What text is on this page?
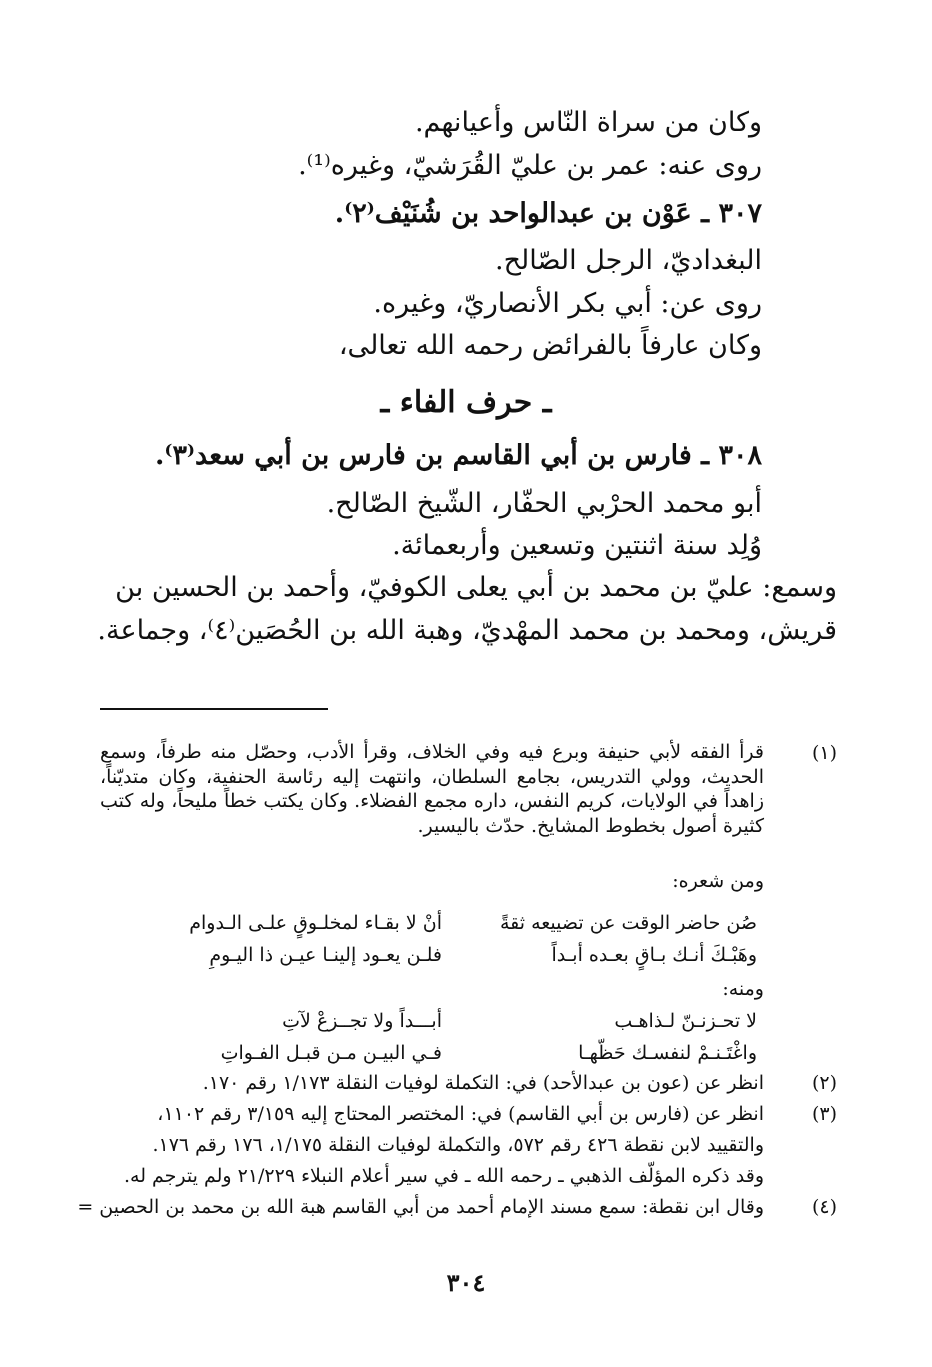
وكان من سراة النّاس وأعيانهم.
روى عنه: عمر بن عليّ القُرَشيّ، وغيره⁽¹⁾.
٣٠٧ ـ عَوْن بن عبدالواحد بن شُنَيْف⁽٢⁾.
البغداديّ، الرجل الصّالح.
روى عن: أبي بكر الأنصاريّ، وغيره.
وكان عارفاً بالفرائض رحمه الله تعالى،
ـ حرف الفاء ـ
٣٠٨ ـ فارس بن أبي القاسم بن فارس بن أبي سعد⁽٣⁾.
أبو محمد الحرْبي الحفّار، الشّيخ الصّالح.
وُلِد سنة اثنتين وتسعين وأربعمائة.
وسمع: عليّ بن محمد بن أبي يعلى الكوفيّ، وأحمد بن الحسين بن
قريش، ومحمد بن محمد المهْديّ، وهبة الله بن الحُصَين⁽٤⁾، وجماعة.
(١)
قرأ الفقه لأبي حنيفة وبرع فيه وفي الخلاف، وقرأ الأدب، وحصّل منه طرفاً، وسمع الحديث، وولي التدريس، بجامع السلطان، وانتهت إليه رئاسة الحنفية، وكان متديّناً، زاهداً في الولايات، كريم النفس، داره مجمع الفضلاء. وكان يكتب خطاً مليحاً، وله كتب كثيرة أصول بخطوط المشايخ. حدّث باليسير.
ومن شعره:
صُن حاضر الوقت عن تضييعه ثقةً
أنْ لا بقـاء لمخلـوقٍ علـى الـدوام
وهَبْـكَ أنـك بـاقٍ بعـده أبـداً
فلـن يعـود إلينـا عيـن ذا اليـومِ
ومنه:
لا تحـزنـنّ لـذاهـب
أبـــداً ولا تجــزعْ لآتِ
واغْتَـنـمْ لنفسـك حَظّهـا
فـي البيـن مـن قبـل الفـواتِ
(٢)
انظر عن (عون بن عبدالأحد) في: التكملة لوفيات النقلة ١/١٧٣ رقم ١٧٠.
(٣)
انظر عن (فارس بن أبي القاسم) في: المختصر المحتاج إليه ٣/١٥٩ رقم ١١٠٢،
والتقييد لابن نقطة ٤٢٦ رقم ٥٧٢، والتكملة لوفيات النقلة ١/١٧٥، ١٧٦ رقم ١٧٦.
وقد ذكره المؤلّف الذهبي ـ رحمه الله ـ في سير أعلام النبلاء ٢١/٢٢٩ ولم يترجم له.
(٤)
وقال ابن نقطة: سمع مسند الإمام أحمد من أبي القاسم هبة الله بن محمد بن الحصين =
٣٠٤
